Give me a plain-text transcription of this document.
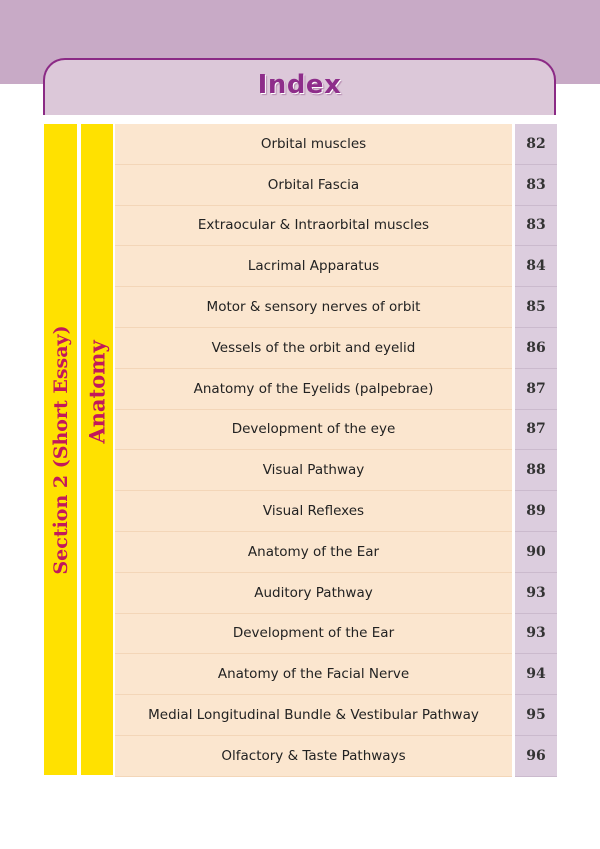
Index
Section 2 (Short Essay) Anatomy
Orbital muscles	82
Orbital Fascia	83
Extraocular & Intraorbital muscles	83
Lacrimal Apparatus	84
Motor & sensory nerves of orbit	85
Vessels of the orbit and eyelid	86
Anatomy of the Eyelids (palpebrae)	87
Development of the eye	87
Visual Pathway	88
Visual Reflexes	89
Anatomy of the Ear	90
Auditory Pathway	93
Development of the Ear	93
Anatomy of the Facial Nerve	94
Medial Longitudinal Bundle & Vestibular Pathway	95
Olfactory & Taste Pathways	96
